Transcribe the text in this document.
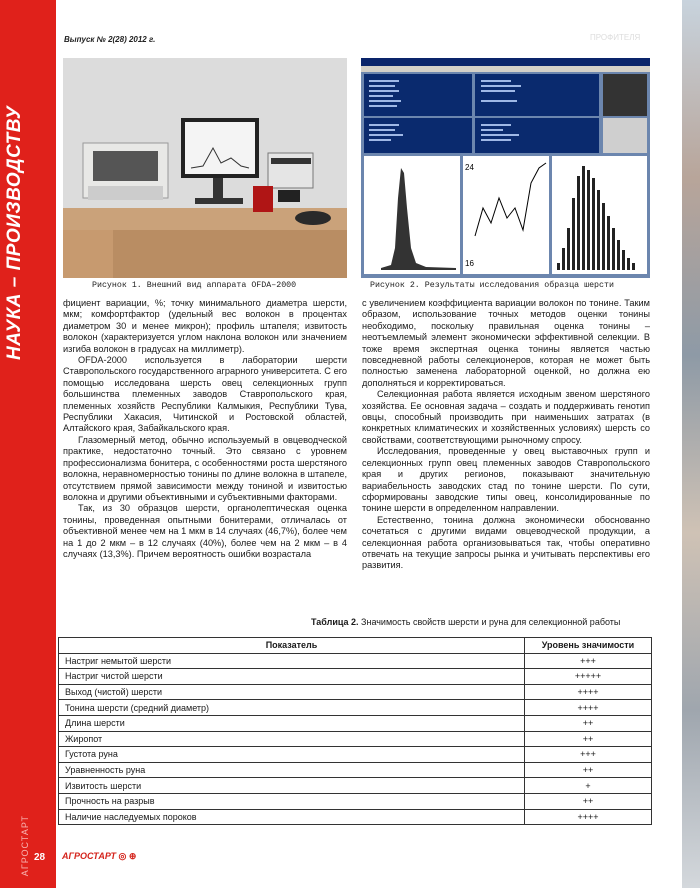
НАУКА – ПРОИЗВОДСТВУ
АГРОСТАРТ
Выпуск № 2(28) 2012 г.	ПРОФИТЕЛЯ
24
16
Рисунок 1. Внешний вид аппарата OFDA–2000	Рисунок 2. Результаты исследования образца шерсти

фициент вариации, %; точку минимального диаметра шерсти, мкм; комфортфактор (удельный вес волокон в процентах диаметром 30 и менее микрон); профиль штапеля; извитость волокон (характеризуется углом наклона волокон или значением изгиба волокон в градусах на миллиметр).

OFDA-2000 используется в лаборатории шерсти Ставропольского государственного аграрного университета. С его помощью исследована шерсть овец селекционных групп большинства племенных заводов Ставропольского края, племенных хозяйств Республики Калмыкия, Республики Тува, Республики Хакасия, Читинской и Ростовской областей, Алтайского края, Забайкальского края.

Глазомерный метод, обычно используемый в овцеводческой практике, недостаточно точный. Это связано с уровнем профессионализма бонитера, с особенностями роста шерстяного волокна, неравномерностью тонины по длине волокна в штапеле, отсутствием прямой зависимости между тониной и извитостью волокна и другими объективными и субъективными факторами.

Так, из 30 образцов шерсти, органолептическая оценка тонины, проведенная опытными бонитерами, отличалась от объективной менее чем на 1 мкм в 14 случаях (46,7%), более чем на 1 до 2 мкм – в 12 случаях (40%), более чем на 2 мкм – в 4 случаях (13,3%). Причем вероятность ошибки возрастала

с увеличением коэффициента вариации волокон по тонине. Таким образом, использование точных методов оценки тонины необходимо, поскольку правильная оценка тонины – неотъемлемый элемент экономически эффективной селекции. В тоже время экспертная оценка тонины является частью повседневной работы селекционеров, которая не может быть полностью заменена лабораторной оценкой, но должна ею дополняться и корректироваться.

Селекционная работа является исходным звеном шерстяного хозяйства. Ее основная задача – создать и поддерживать генотип овцы, способный производить при наименьших затратах (в конкретных климатических и хозяйственных условиях) шерсть со свойствами, соответствующими рыночному спросу.

Исследования, проведенные у овец выставочных групп и селекционных групп овец племенных заводов Ставропольского края и других регионов, показывают значительную вариабельность заводских стад по тонине шерсти. По сути, сформированы заводские типы овец, консолидированные по тонине шерсти в определенном направлении.

Естественно, тонина должна экономически обоснованно сочетаться с другими видами овцеводческой продукции, а селекционная работа организовываться так, чтобы оперативно отвечать на текущие запросы рынка и учитывать перспективы его развития.

Таблица 2. Значимость свойств шерсти и руна для селекционной работы
Показатель	Уровень значимости
Настриг немытой шерсти	+++
Настриг чистой шерсти	+++++
Выход (чистой) шерсти	++++
Тонина шерсти (средний диаметр)	++++
Длина шерсти	++
Жиропот	++
Густота руна	+++
Уравненность руна	++
Извитость шерсти	+
Прочность на разрыв	++
Наличие наследуемых пороков	++++
28 АГРОСТАРТ ◎ ⊕
